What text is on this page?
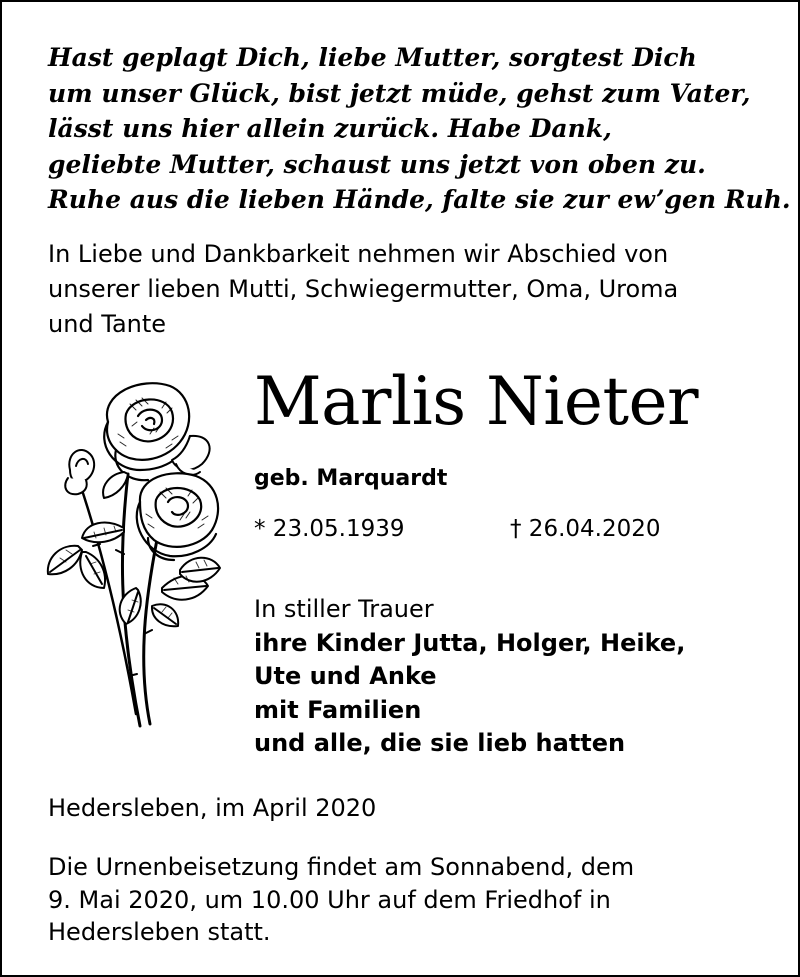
Hast geplagt Dich, liebe Mutter, sorgtest Dich
um unser Glück, bist jetzt müde, gehst zum Vater,
lässt uns hier allein zurück. Habe Dank,
geliebte Mutter, schaust uns jetzt von oben zu.
Ruhe aus die lieben Hände, falte sie zur ew’gen Ruh.
In Liebe und Dankbarkeit nehmen wir Abschied von
unserer lieben Mutti, Schwiegermutter, Oma, Uroma
und Tante
Marlis Nieter
geb. Marquardt
* 23.05.1939	† 26.04.2020
In stiller Trauer
ihre Kinder Jutta, Holger, Heike,
Ute und Anke
mit Familien
und alle, die sie lieb hatten
Hedersleben, im April 2020
Die Urnenbeisetzung findet am Sonnabend, dem
9. Mai 2020, um 10.00 Uhr auf dem Friedhof in
Hedersleben statt.
